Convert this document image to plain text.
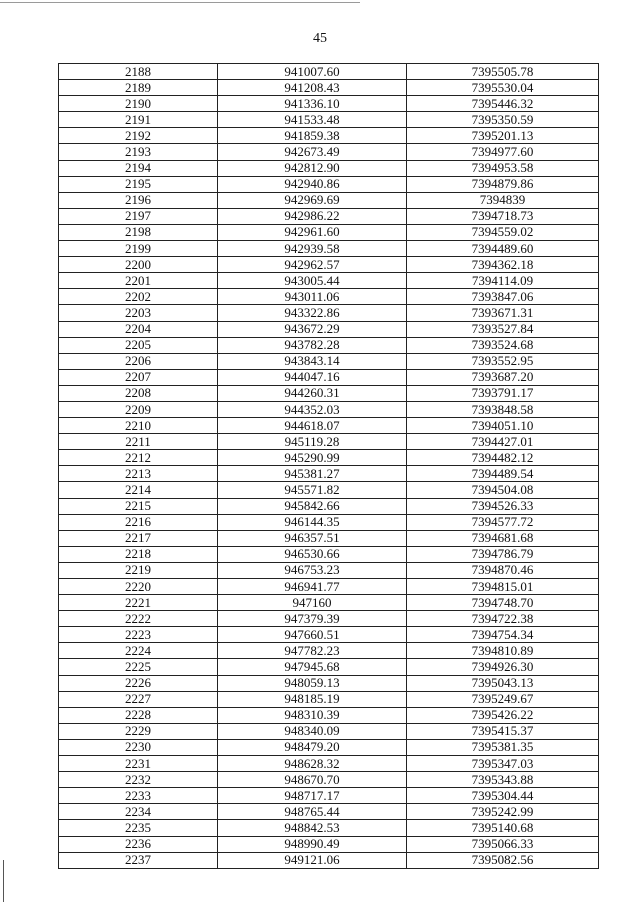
45
2188	941007.60	7395505.78
2189	941208.43	7395530.04
2190	941336.10	7395446.32
2191	941533.48	7395350.59
2192	941859.38	7395201.13
2193	942673.49	7394977.60
2194	942812.90	7394953.58
2195	942940.86	7394879.86
2196	942969.69	7394839
2197	942986.22	7394718.73
2198	942961.60	7394559.02
2199	942939.58	7394489.60
2200	942962.57	7394362.18
2201	943005.44	7394114.09
2202	943011.06	7393847.06
2203	943322.86	7393671.31
2204	943672.29	7393527.84
2205	943782.28	7393524.68
2206	943843.14	7393552.95
2207	944047.16	7393687.20
2208	944260.31	7393791.17
2209	944352.03	7393848.58
2210	944618.07	7394051.10
2211	945119.28	7394427.01
2212	945290.99	7394482.12
2213	945381.27	7394489.54
2214	945571.82	7394504.08
2215	945842.66	7394526.33
2216	946144.35	7394577.72
2217	946357.51	7394681.68
2218	946530.66	7394786.79
2219	946753.23	7394870.46
2220	946941.77	7394815.01
2221	947160	7394748.70
2222	947379.39	7394722.38
2223	947660.51	7394754.34
2224	947782.23	7394810.89
2225	947945.68	7394926.30
2226	948059.13	7395043.13
2227	948185.19	7395249.67
2228	948310.39	7395426.22
2229	948340.09	7395415.37
2230	948479.20	7395381.35
2231	948628.32	7395347.03
2232	948670.70	7395343.88
2233	948717.17	7395304.44
2234	948765.44	7395242.99
2235	948842.53	7395140.68
2236	948990.49	7395066.33
2237	949121.06	7395082.56
